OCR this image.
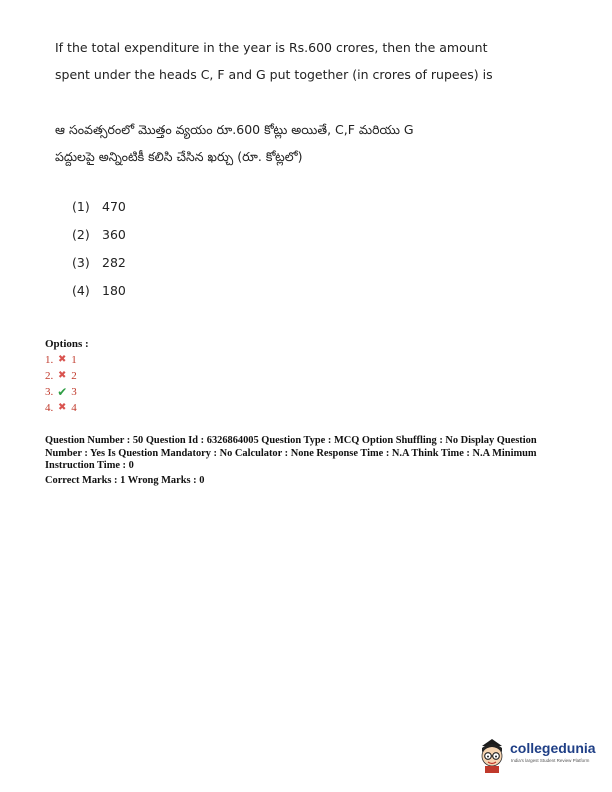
If the total expenditure in the year is Rs.600 crores, then the amount
spent under the heads C, F and G put together (in crores of rupees) is
ఆ సంవత్సరంలో మొత్తం వ్యయం రూ.600 కోట్లు అయితే, C,F మరియు G
పద్దులపై అన్నింటికీ కలిసి చేసిన ఖర్చు (రూ. కోట్లలో)
(1) 470
(2) 360
(3) 282
(4) 180
Options :
1. ✖ 1
2. ✖ 2
3. ✔ 3
4. ✖ 4
Question Number : 50 Question Id : 6326864005 Question Type : MCQ Option Shuffling : No Display Question Number : Yes Is Question Mandatory : No Calculator : None Response Time : N.A Think Time : N.A Minimum Instruction Time : 0
Correct Marks : 1 Wrong Marks : 0
collegedunia
India's largest Student Review Platform
